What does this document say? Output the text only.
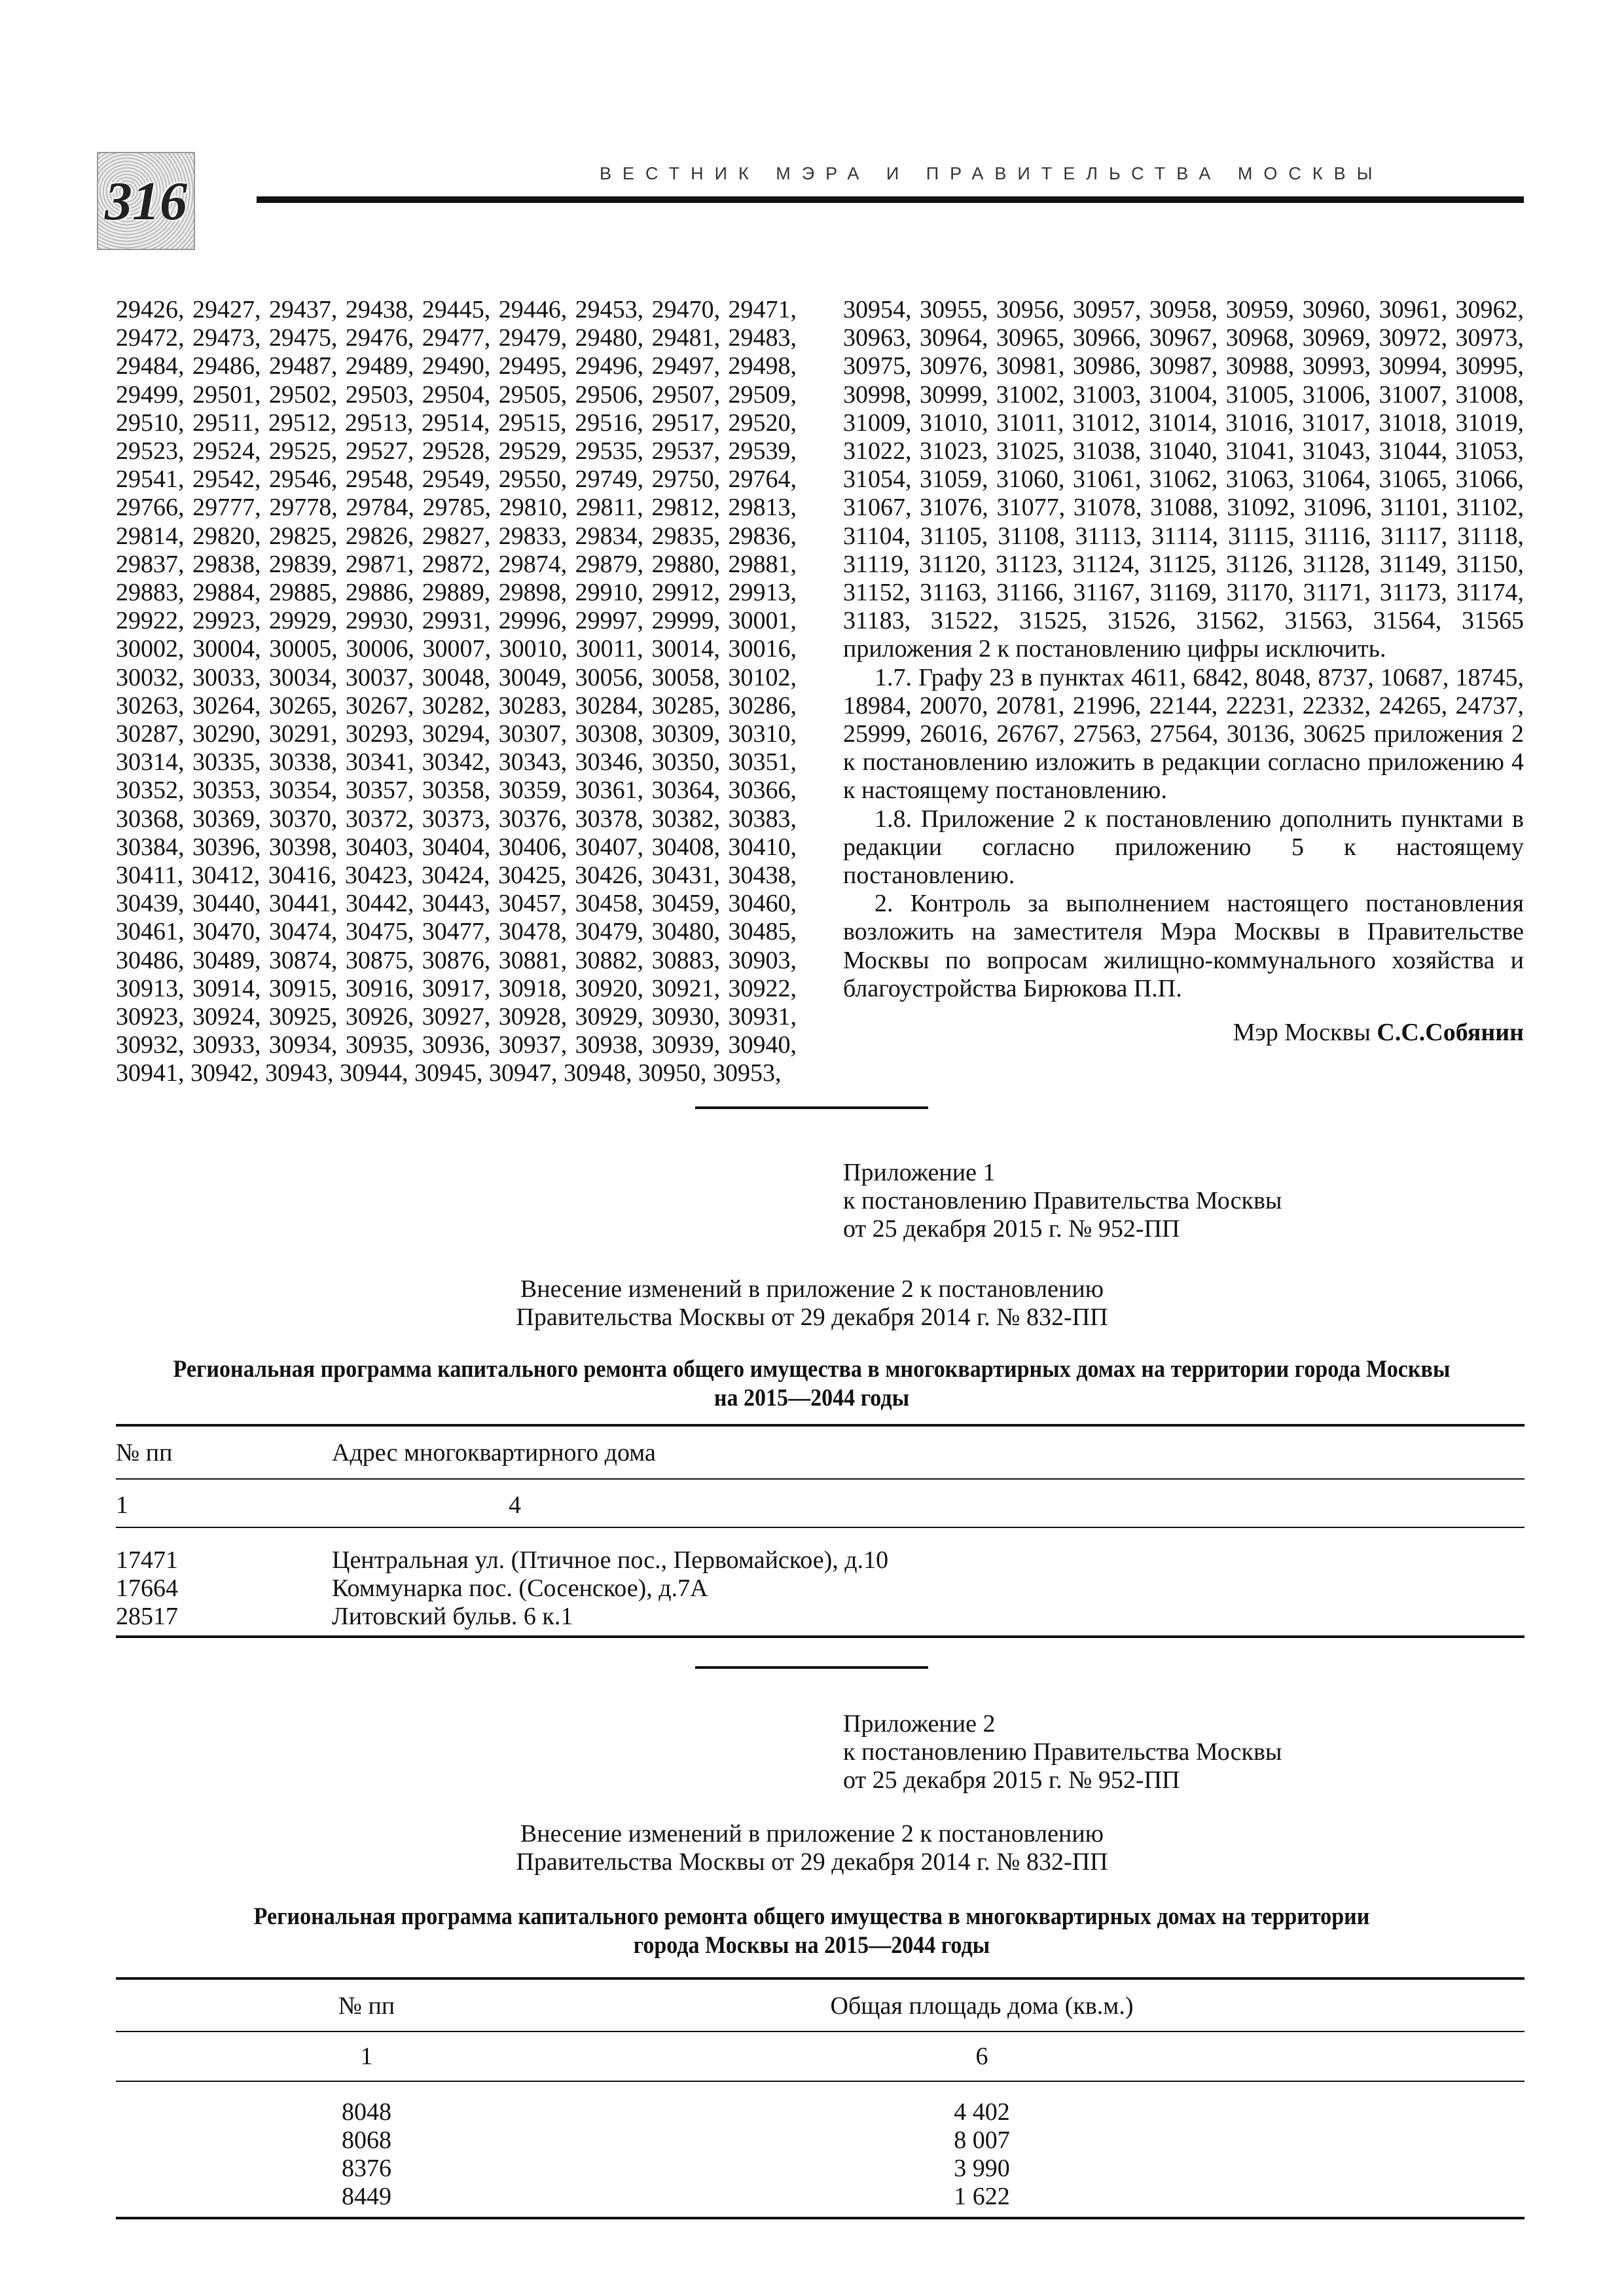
316	ВЕСТНИК МЭРА И ПРАВИТЕЛЬСТВА МОСКВЫ

29426, 29427, 29437, 29438, 29445, 29446, 29453, 29470, 29471, 29472, 29473, 29475, 29476, 29477, 29479, 29480, 29481, 29483, 29484, 29486, 29487, 29489, 29490, 29495, 29496, 29497, 29498, 29499, 29501, 29502, 29503, 29504, 29505, 29506, 29507, 29509, 29510, 29511, 29512, 29513, 29514, 29515, 29516, 29517, 29520, 29523, 29524, 29525, 29527, 29528, 29529, 29535, 29537, 29539, 29541, 29542, 29546, 29548, 29549, 29550, 29749, 29750, 29764, 29766, 29777, 29778, 29784, 29785, 29810, 29811, 29812, 29813, 29814, 29820, 29825, 29826, 29827, 29833, 29834, 29835, 29836, 29837, 29838, 29839, 29871, 29872, 29874, 29879, 29880, 29881, 29883, 29884, 29885, 29886, 29889, 29898, 29910, 29912, 29913, 29922, 29923, 29929, 29930, 29931, 29996, 29997, 29999, 30001, 30002, 30004, 30005, 30006, 30007, 30010, 30011, 30014, 30016, 30032, 30033, 30034, 30037, 30048, 30049, 30056, 30058, 30102, 30263, 30264, 30265, 30267, 30282, 30283, 30284, 30285, 30286, 30287, 30290, 30291, 30293, 30294, 30307, 30308, 30309, 30310, 30314, 30335, 30338, 30341, 30342, 30343, 30346, 30350, 30351, 30352, 30353, 30354, 30357, 30358, 30359, 30361, 30364, 30366, 30368, 30369, 30370, 30372, 30373, 30376, 30378, 30382, 30383, 30384, 30396, 30398, 30403, 30404, 30406, 30407, 30408, 30410, 30411, 30412, 30416, 30423, 30424, 30425, 30426, 30431, 30438, 30439, 30440, 30441, 30442, 30443, 30457, 30458, 30459, 30460, 30461, 30470, 30474, 30475, 30477, 30478, 30479, 30480, 30485, 30486, 30489, 30874, 30875, 30876, 30881, 30882, 30883, 30903, 30913, 30914, 30915, 30916, 30917, 30918, 30920, 30921, 30922, 30923, 30924, 30925, 30926, 30927, 30928, 30929, 30930, 30931, 30932, 30933, 30934, 30935, 30936, 30937, 30938, 30939, 30940, 30941, 30942, 30943, 30944, 30945, 30947, 30948, 30950, 30953,

30954, 30955, 30956, 30957, 30958, 30959, 30960, 30961, 30962, 30963, 30964, 30965, 30966, 30967, 30968, 30969, 30972, 30973, 30975, 30976, 30981, 30986, 30987, 30988, 30993, 30994, 30995, 30998, 30999, 31002, 31003, 31004, 31005, 31006, 31007, 31008, 31009, 31010, 31011, 31012, 31014, 31016, 31017, 31018, 31019, 31022, 31023, 31025, 31038, 31040, 31041, 31043, 31044, 31053, 31054, 31059, 31060, 31061, 31062, 31063, 31064, 31065, 31066, 31067, 31076, 31077, 31078, 31088, 31092, 31096, 31101, 31102, 31104, 31105, 31108, 31113, 31114, 31115, 31116, 31117, 31118, 31119, 31120, 31123, 31124, 31125, 31126, 31128, 31149, 31150, 31152, 31163, 31166, 31167, 31169, 31170, 31171, 31173, 31174, 31183, 31522, 31525, 31526, 31562, 31563, 31564, 31565 приложения 2 к постановлению цифры исключить.

1.7. Графу 23 в пунктах 4611, 6842, 8048, 8737, 10687, 18745, 18984, 20070, 20781, 21996, 22144, 22231, 22332, 24265, 24737, 25999, 26016, 26767, 27563, 27564, 30136, 30625 приложения 2 к постановлению изложить в редакции согласно приложению 4 к настоящему постановлению.

1.8. Приложение 2 к постановлению дополнить пунктами в редакции согласно приложению 5 к настоящему постановлению.

2. Контроль за выполнением настоящего постановления возложить на заместителя Мэра Москвы в Правительстве Москвы по вопросам жилищно-коммунального хозяйства и благоустройства Бирюкова П.П.

Мэр Москвы С.С.Собянин

Приложение 1
к постановлению Правительства Москвы
от 25 декабря 2015 г. № 952-ПП
Внесение изменений в приложение 2 к постановлению
Правительства Москвы от 29 декабря 2014 г. № 832-ПП
Региональная программа капитального ремонта общего имущества в многоквартирных домах на территории города Москвы
на 2015—2044 годы
№ пп	Адрес многоквартирного дома
1	4
17471	Центральная ул. (Птичное пос., Первомайское), д.10
17664	Коммунарка пос. (Сосенское), д.7А
28517	Литовский бульв. 6 к.1
Приложение 2
к постановлению Правительства Москвы
от 25 декабря 2015 г. № 952-ПП
Внесение изменений в приложение 2 к постановлению
Правительства Москвы от 29 декабря 2014 г. № 832-ПП
Региональная программа капитального ремонта общего имущества в многоквартирных домах на территории
города Москвы на 2015—2044 годы
№ пп	Общая площадь дома (кв.м.)
1	6
8048	4 402
8068	8 007
8376	3 990
8449	1 622
